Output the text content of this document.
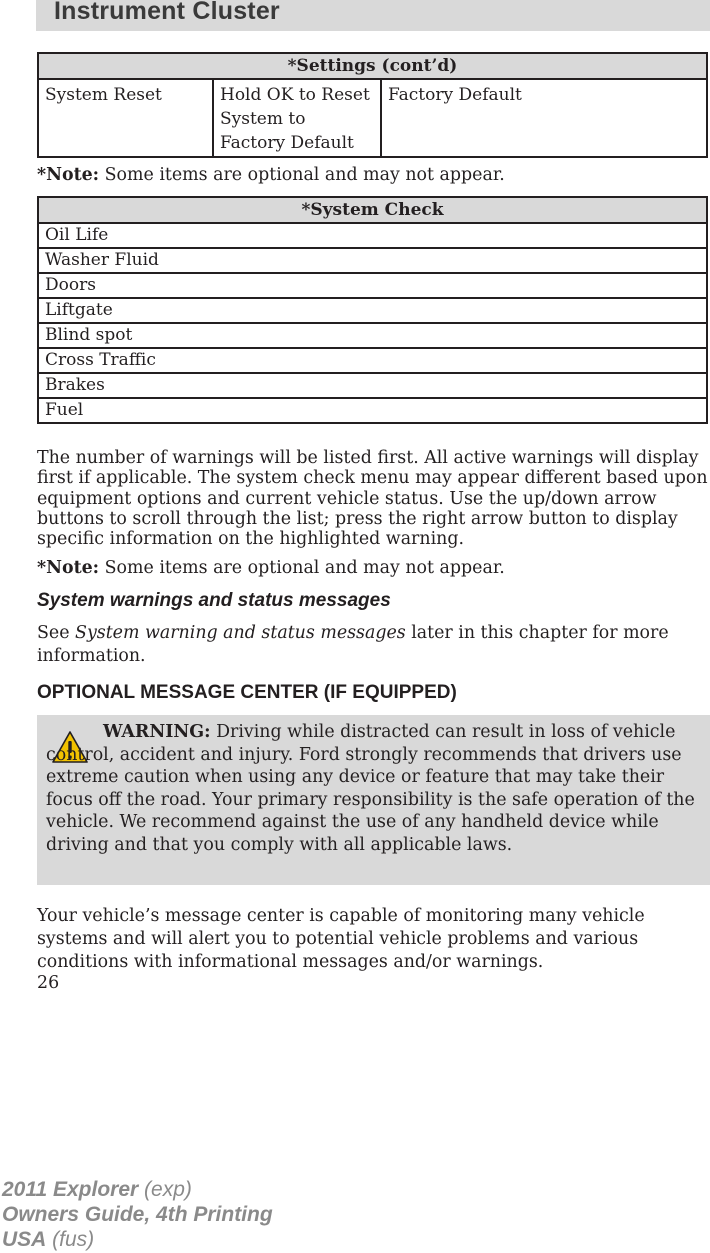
Instrument Cluster
*Settings (cont’d)
System Reset	Hold OK to Reset System to Factory Default	Factory Default

*Note: Some items are optional and may not appear.

*System Check
Oil Life
Washer Fluid
Doors
Liftgate
Blind spot
Cross Traffic
Brakes
Fuel

The number of warnings will be listed first. All active warnings will display first if applicable. The system check menu may appear different based upon equipment options and current vehicle status. Use the up/down arrow buttons to scroll through the list; press the right arrow button to display specific information on the highlighted warning.

*Note: Some items are optional and may not appear.

System warnings and status messages

See System warning and status messages later in this chapter for more information.

OPTIONAL MESSAGE CENTER (IF EQUIPPED)

WARNING: Driving while distracted can result in loss of vehicle control, accident and injury. Ford strongly recommends that drivers use extreme caution when using any device or feature that may take their focus off the road. Your primary responsibility is the safe operation of the vehicle. We recommend against the use of any handheld device while driving and that you comply with all applicable laws.

Your vehicle’s message center is capable of monitoring many vehicle systems and will alert you to potential vehicle problems and various conditions with informational messages and/or warnings.

26
2011 Explorer (exp)
Owners Guide, 4th Printing
USA (fus)
